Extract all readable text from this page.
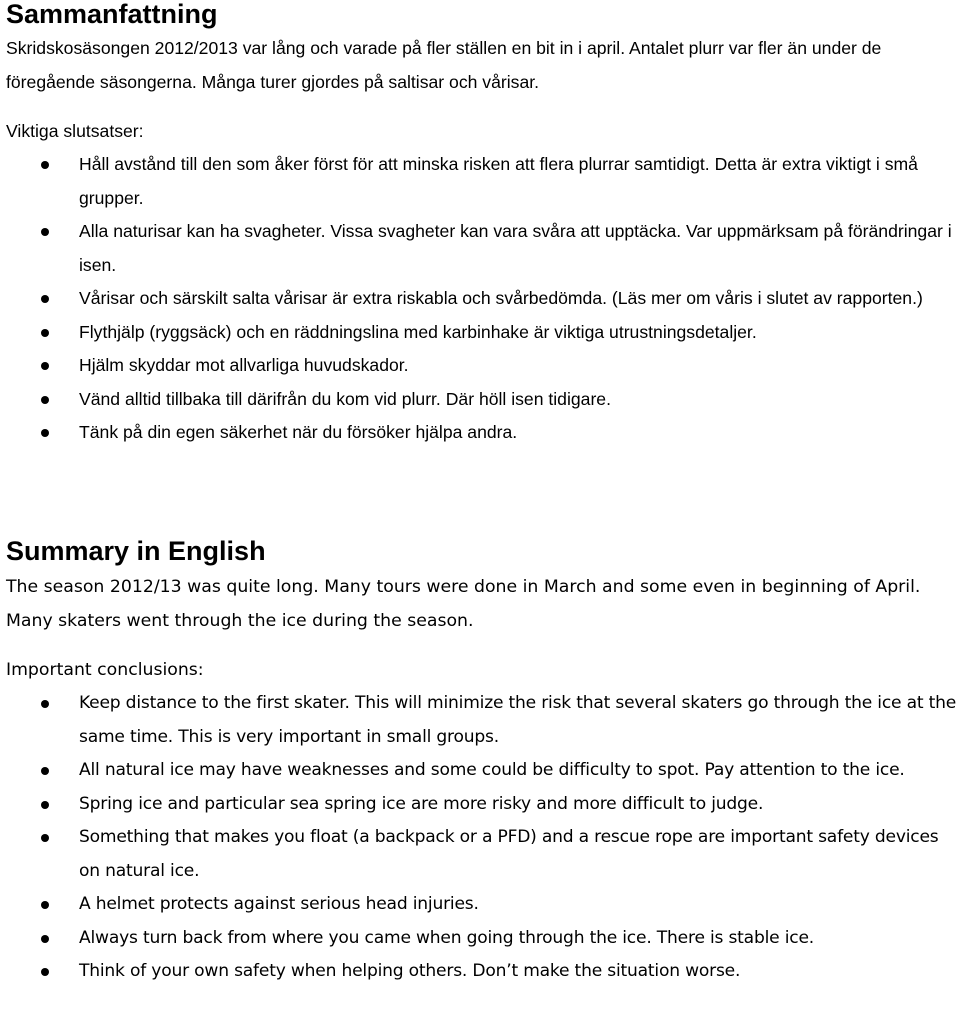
Sammanfattning

Skridskosäsongen 2012/2013 var lång och varade på fler ställen en bit in i april. Antalet plurr var fler än under de föregående säsongerna. Många turer gjordes på saltisar och vårisar.

Viktiga slutsatser:

Håll avstånd till den som åker först för att minska risken att flera plurrar samtidigt. Detta är extra viktigt i små grupper.
Alla naturisar kan ha svagheter. Vissa svagheter kan vara svåra att upptäcka. Var uppmärksam på förändringar i isen.
Vårisar och särskilt salta vårisar är extra riskabla och svårbedömda. (Läs mer om våris i slutet av rapporten.)
Flythjälp (ryggsäck) och en räddningslina med karbinhake är viktiga utrustningsdetaljer.
Hjälm skyddar mot allvarliga huvudskador.
Vänd alltid tillbaka till därifrån du kom vid plurr. Där höll isen tidigare.
Tänk på din egen säkerhet när du försöker hjälpa andra.
Summary in English

The season 2012/13 was quite long. Many tours were done in March and some even in beginning of April. Many skaters went through the ice during the season.

Important conclusions:

Keep distance to the first skater. This will minimize the risk that several skaters go through the ice at the same time. This is very important in small groups.
All natural ice may have weaknesses and some could be difficulty to spot. Pay attention to the ice.
Spring ice and particular sea spring ice are more risky and more difficult to judge.
Something that makes you float (a backpack or a PFD) and a rescue rope are important safety devices on natural ice.
A helmet protects against serious head injuries.
Always turn back from where you came when going through the ice. There is stable ice.
Think of your own safety when helping others. Don’t make the situation worse.
